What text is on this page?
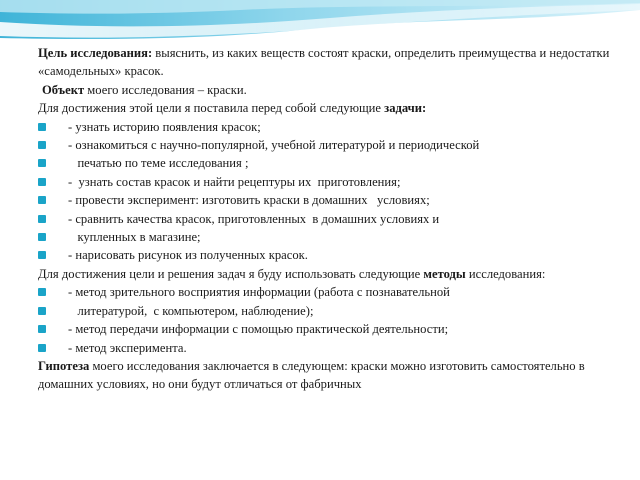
Цель исследования: выяснить, из каких веществ состоят краски, определить преимущества и недостатки «самодельных» красок.

Объект моего исследования – краски.

Для достижения этой цели я поставила перед собой следующие задачи:

- узнать историю появления красок;
- ознакомиться с научно-популярной, учебной литературой и периодической
печатью по теме исследования ;
-  узнать состав красок и найти рецептуры их  приготовления;
- провести эксперимент: изготовить краски в домашних   условиях;
- сравнить качества красок, приготовленных  в домашних условиях и
купленных в магазине;
- нарисовать рисунок из полученных красок.

Для достижения цели и решения задач я буду использовать следующие методы исследования:

- метод зрительного восприятия информации (работа с познавательной
литературой,  с компьютером, наблюдение);
- метод передачи информации с помощью практической деятельности;
- метод эксперимента.

Гипотеза моего исследования заключается в следующем: краски можно изготовить самостоятельно в домашних условиях, но они будут отличаться от фабричных
